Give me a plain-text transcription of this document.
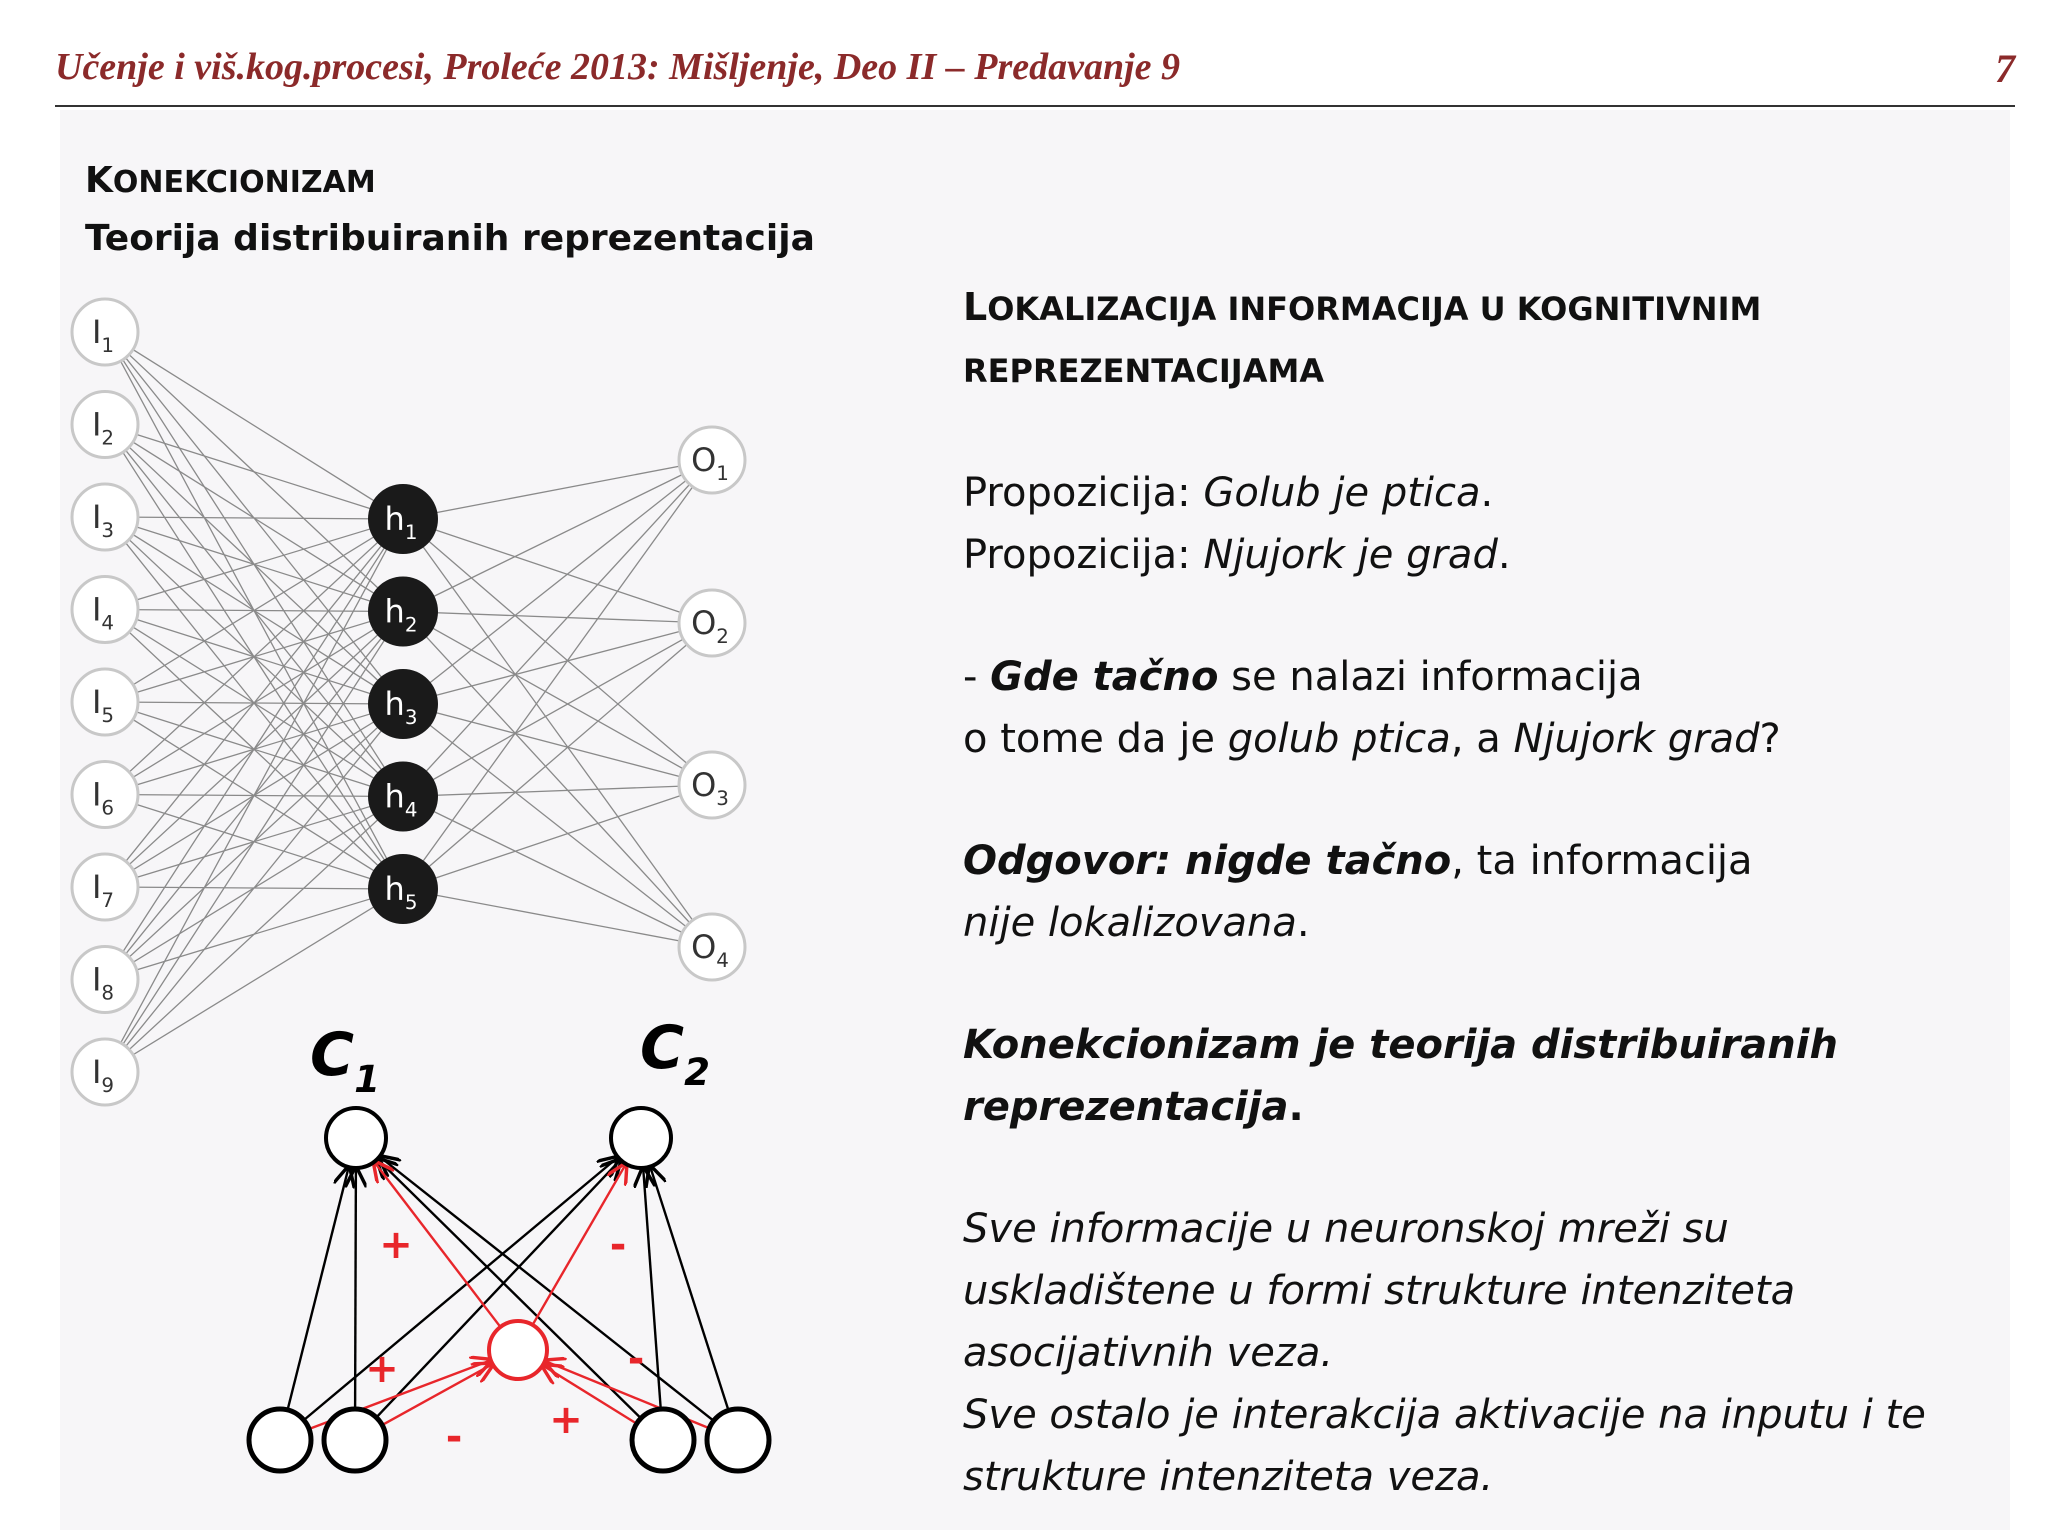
Učenje i viš.kog.procesi, Proleće 2013: Mišljenje, Deo II – Predavanje 9	7
KONEKCIONIZAM
Teorija distribuiranih reprezentacija
$I_1$
$I_2$
$I_3$
$I_4$
$I_5$
$I_6$
$I_7$
$I_8$
$I_9$
$h_1$
$h_2$
$h_3$
$h_4$
$h_5$
$O_1$
$O_2$
$O_3$
$O_4$
$C_1$	$C_2$
+	-
+	-
- +
LOKALIZACIJA INFORMACIJA U KOGNITIVNIM
REPREZENTACIJAMA
Propozicija: Golub je ptica.
Propozicija: Njujork je grad.
- Gde tačno se nalazi informacija
o tome da je golub ptica, a Njujork grad?
Odgovor: nigde tačno, ta informacija
nije lokalizovana.
Konekcionizam je teorija distribuiranih
reprezentacija.
Sve informacije u neuronskoj mreži su
uskladištene u formi strukture intenziteta
asocijativnih veza.
Sve ostalo je interakcija aktivacije na inputu i te
strukture intenziteta veza.
